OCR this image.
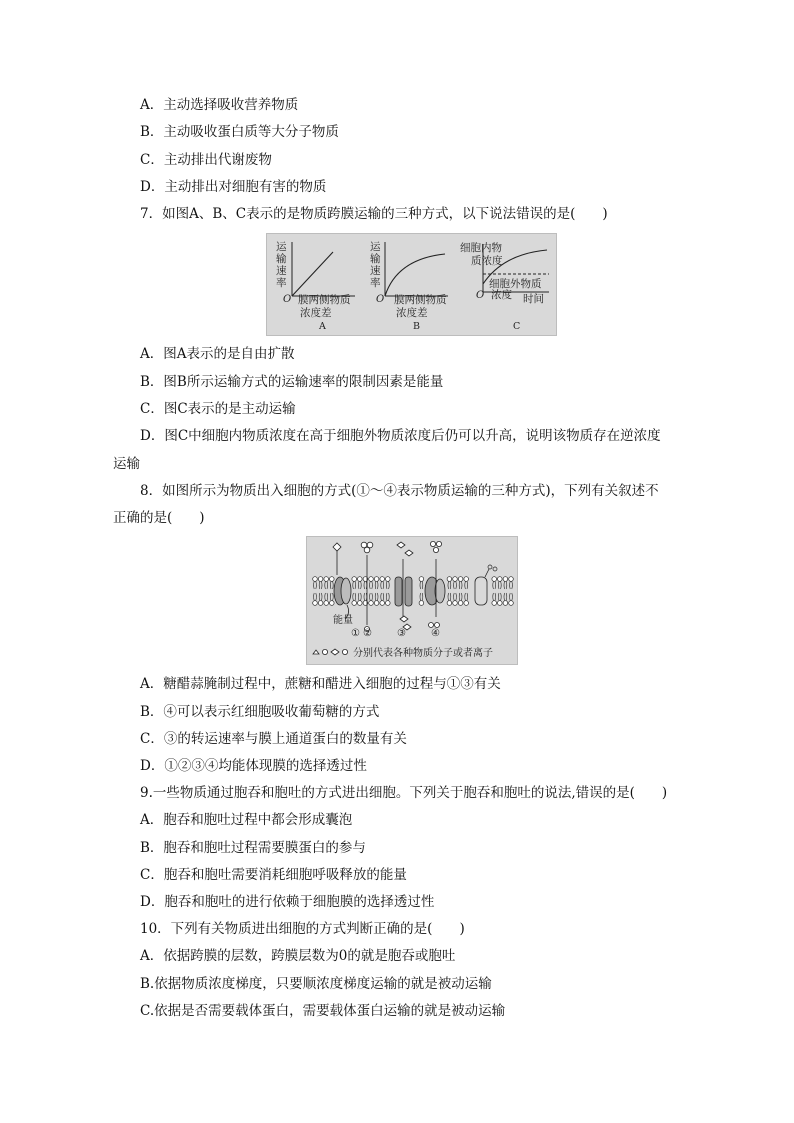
A．主动选择吸收营养物质
B．主动吸收蛋白质等大分子物质
C．主动排出代谢废物
D．主动排出对细胞有害的物质
7．如图A、B、C表示的是物质跨膜运输的三种方式，以下说法错误的是(　　)
运
输
速
率
O 膜两侧物质
浓度差
A
运
输
速
率
O 膜两侧物质
浓度差
B
细胞内物
质浓度
O
细胞外物质
浓度 时间
C
A．图A表示的是自由扩散
B．图B所示运输方式的运输速率的限制因素是能量
C．图C表示的是主动运输
D．图C中细胞内物质浓度在高于细胞外物质浓度后仍可以升高，说明该物质存在逆浓度
运输
8．如图所示为物质出入细胞的方式(①～④表示物质运输的三种方式)，下列有关叙述不
正确的是(　　)
能量
① ②	③	④
分别代表各种物质分子或者离子
A．糖醋蒜腌制过程中，蔗糖和醋进入细胞的过程与①③有关
B．④可以表示红细胞吸收葡萄糖的方式
C．③的转运速率与膜上通道蛋白的数量有关
D．①②③④均能体现膜的选择透过性
9.一些物质通过胞吞和胞吐的方式进出细胞。下列关于胞吞和胞吐的说法,错误的是(　　)
A．胞吞和胞吐过程中都会形成囊泡
B．胞吞和胞吐过程需要膜蛋白的参与
C．胞吞和胞吐需要消耗细胞呼吸释放的能量
D．胞吞和胞吐的进行依赖于细胞膜的选择透过性
10．下列有关物质进出细胞的方式判断正确的是(　　)
A．依据跨膜的层数，跨膜层数为0的就是胞吞或胞吐
B.依据物质浓度梯度，只要顺浓度梯度运输的就是被动运输
C.依据是否需要载体蛋白，需要载体蛋白运输的就是被动运输
